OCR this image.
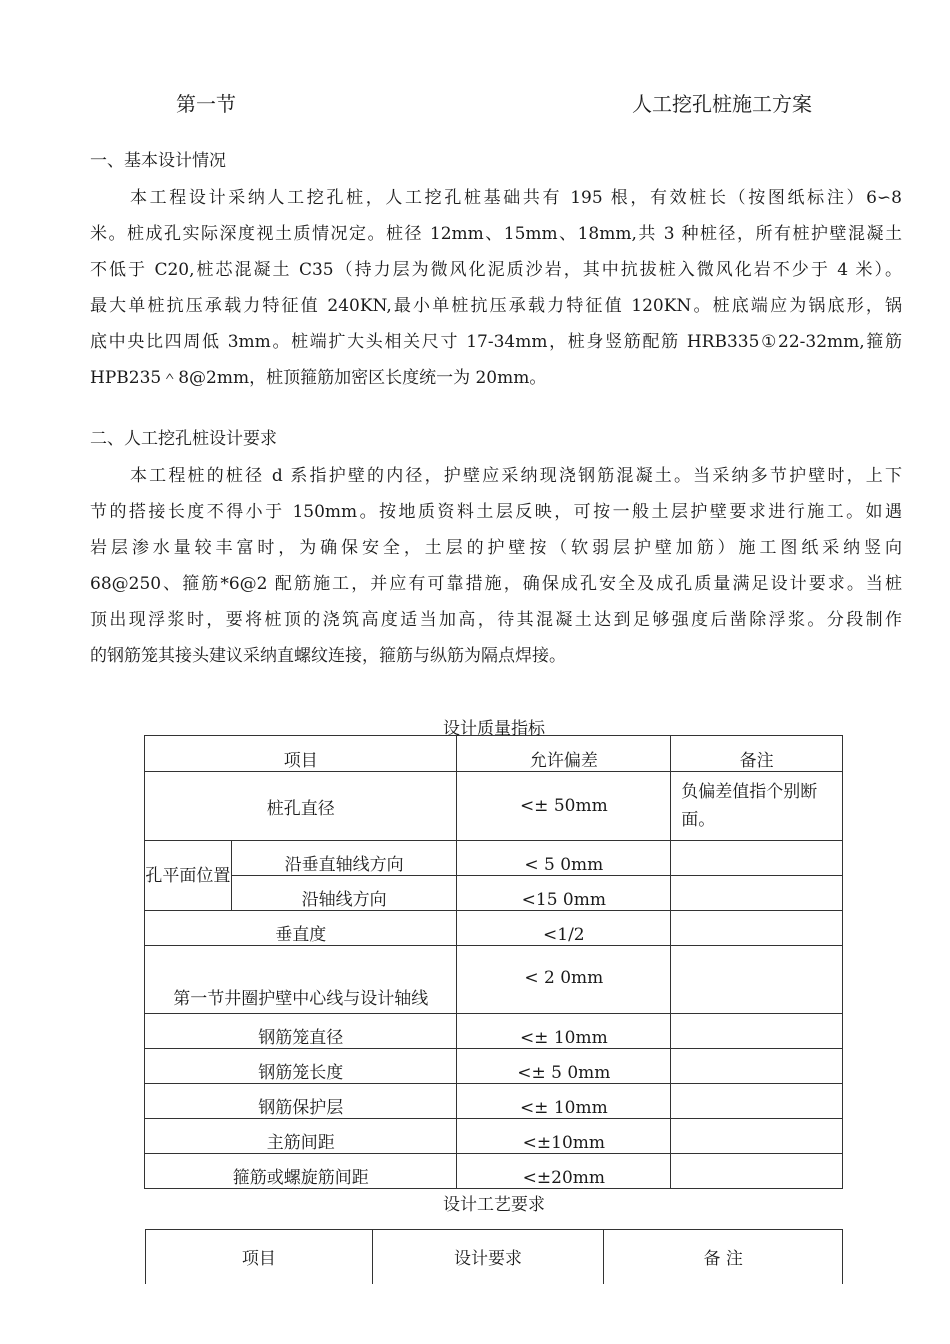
第一节	人工挖孔桩施工方案
一、基本设计情况
本工程设计采纳人工挖孔桩，人工挖孔桩基础共有 195 根，有效桩长（按图纸标注）6∽8
米。桩成孔实际深度视土质情况定。桩径 12mm、15mm、18mm,共 3 种桩径，所有桩护壁混凝土
不低于 C20,桩芯混凝土 C35（持力层为微风化泥质沙岩，其中抗拔桩入微风化岩不少于 4 米）。
最大单桩抗压承载力特征值 240KN,最小单桩抗压承载力特征值 120KN。桩底端应为锅底形，锅
底中央比四周低 3mm。桩端扩大头相关尺寸 17-34mm，桩身竖筋配筋 HRB335①22-32mm,箍筋
HPB235＾8@2mm，桩顶箍筋加密区长度统一为 20mm。
二、人工挖孔桩设计要求
本工程桩的桩径 d 系指护壁的内径，护壁应采纳现浇钢筋混凝土。当采纳多节护壁时，上下
节的搭接长度不得小于 150mm。按地质资料土层反映，可按一般土层护壁要求进行施工。如遇
岩层渗水量较丰富时，为确保安全，土层的护壁按（软弱层护壁加筋）施工图纸采纳竖向
68@250、箍筋*6@2 配筋施工，并应有可靠措施，确保成孔安全及成孔质量满足设计要求。当桩
顶出现浮浆时，要将桩顶的浇筑高度适当加高，待其混凝土达到足够强度后凿除浮浆。分段制作
的钢筋笼其接头建议采纳直螺纹连接，箍筋与纵筋为隔点焊接。
设计质量指标
项目		允许偏差	备注
桩孔直径		<± 50mm	负偏差值指个别断面。
孔平面位置	沿垂直轴线方向	< 5 0mm	
	沿轴线方向	<15 0mm	
垂直度		<1/2	
第一节井圈护壁中心线与设计轴线		< 2 0mm	
钢筋笼直径		<± 10mm	
钢筋笼长度		<± 5 0mm	
钢筋保护层		<± 10mm	
主筋间距		<±10mm	
箍筋或螺旋筋间距		<±20mm	
设计工艺要求
项目	设计要求	备 注
